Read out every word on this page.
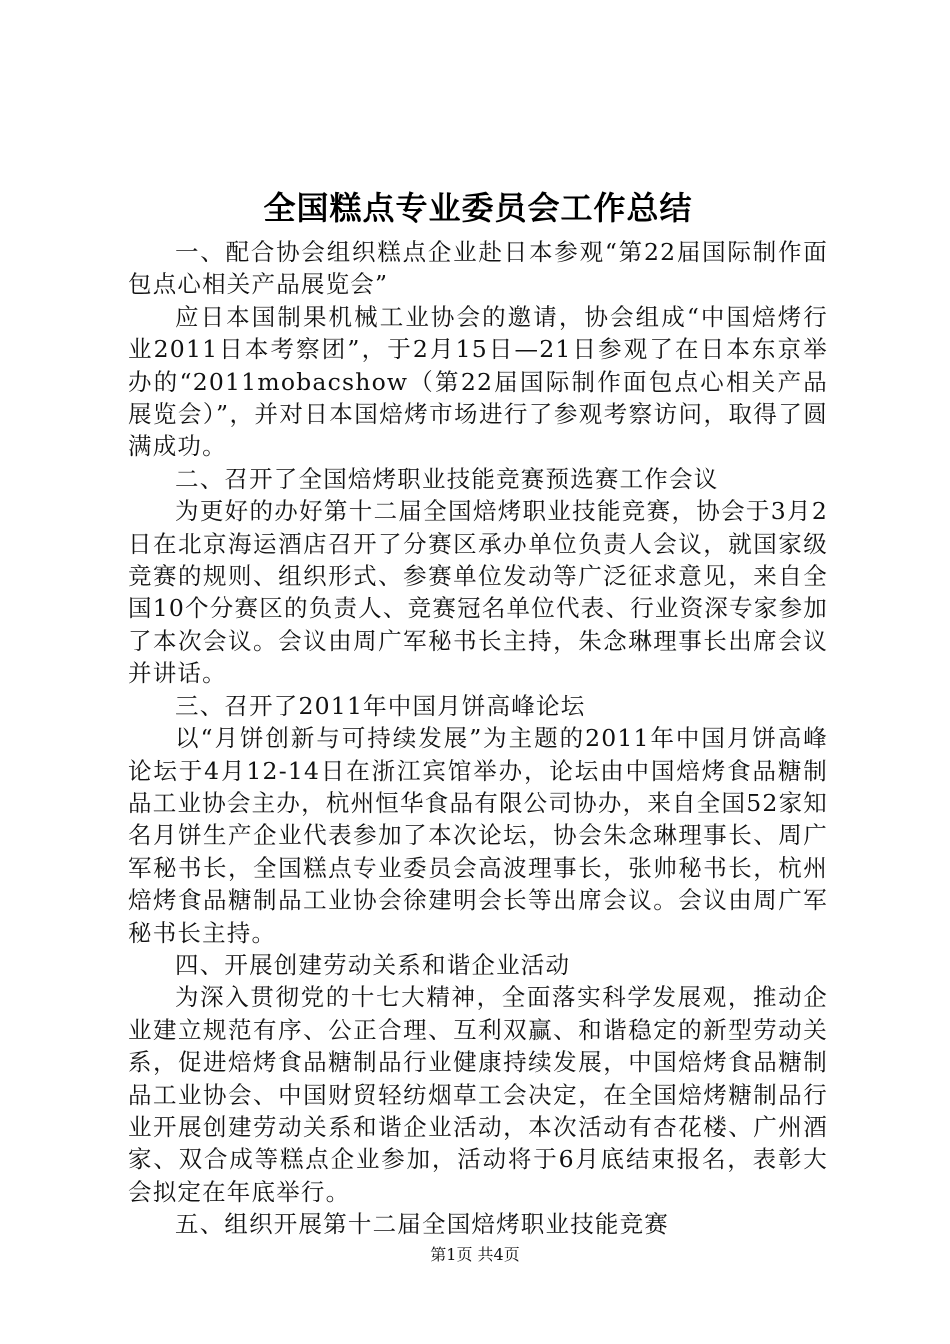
全国糕点专业委员会工作总结

一、配合协会组织糕点企业赴日本参观“第22届国际制作面包点心相关产品展览会”

应日本国制果机械工业协会的邀请，协会组成“中国焙烤行业2011日本考察团”，于2月15日—21日参观了在日本东京举办的“2011mobacshow（第22届国际制作面包点心相关产品展览会）”，并对日本国焙烤市场进行了参观考察访问，取得了圆满成功。

二、召开了全国焙烤职业技能竞赛预选赛工作会议

为更好的办好第十二届全国焙烤职业技能竞赛，协会于3月2日在北京海运酒店召开了分赛区承办单位负责人会议，就国家级竞赛的规则、组织形式、参赛单位发动等广泛征求意见，来自全国10个分赛区的负责人、竞赛冠名单位代表、行业资深专家参加了本次会议。会议由周广军秘书长主持，朱念琳理事长出席会议并讲话。

三、召开了2011年中国月饼高峰论坛

以“月饼创新与可持续发展”为主题的2011年中国月饼高峰论坛于4月12-14日在浙江宾馆举办，论坛由中国焙烤食品糖制品工业协会主办，杭州恒华食品有限公司协办，来自全国52家知名月饼生产企业代表参加了本次论坛，协会朱念琳理事长、周广军秘书长，全国糕点专业委员会高波理事长，张帅秘书长，杭州焙烤食品糖制品工业协会徐建明会长等出席会议。会议由周广军秘书长主持。

四、开展创建劳动关系和谐企业活动

为深入贯彻党的十七大精神，全面落实科学发展观，推动企业建立规范有序、公正合理、互利双赢、和谐稳定的新型劳动关系，促进焙烤食品糖制品行业健康持续发展，中国焙烤食品糖制品工业协会、中国财贸轻纺烟草工会决定，在全国焙烤糖制品行业开展创建劳动关系和谐企业活动，本次活动有杏花楼、广州酒家、双合成等糕点企业参加，活动将于6月底结束报名，表彰大会拟定在年底举行。

五、组织开展第十二届全国焙烤职业技能竞赛

第1页 共4页
